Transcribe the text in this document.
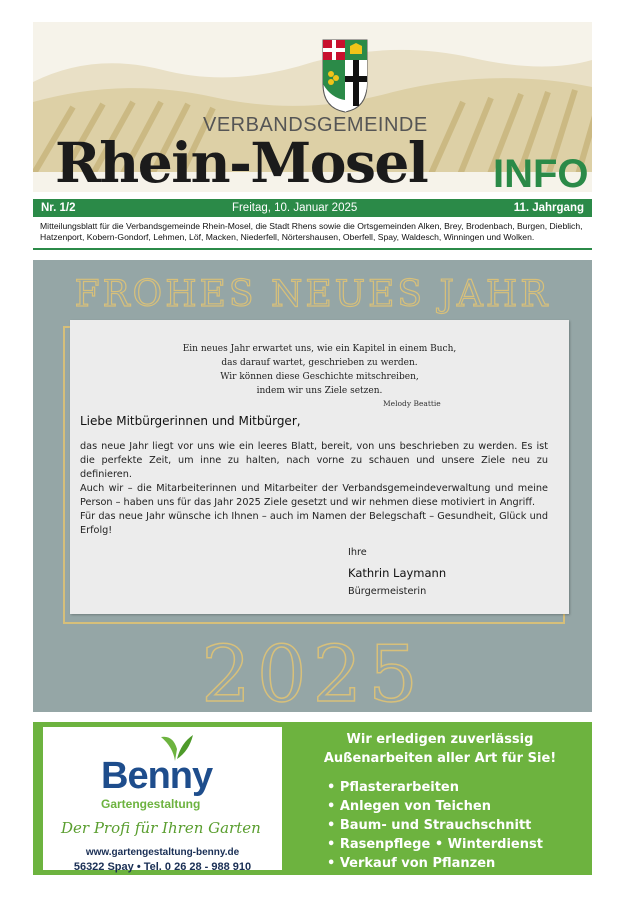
VERBANDSGEMEINDE
Rhein-Mosel INFO
Nr. 1/2	Freitag, 10. Januar 2025	11. Jahrgang
Mitteilungsblatt für die Verbandsgemeinde Rhein-Mosel, die Stadt Rhens sowie die Ortsgemeinden Alken, Brey, Brodenbach, Burgen, Dieblich, Hatzenport, Kobern-Gondorf, Lehmen, Löf, Macken, Niederfell, Nörtershausen, Oberfell, Spay, Waldesch, Winningen und Wolken.
FROHES NEUES JAHR
Ein neues Jahr erwartet uns, wie ein Kapitel in einem Buch,
das darauf wartet, geschrieben zu werden.
Wir können diese Geschichte mitschreiben,
indem wir uns Ziele setzen.
Melody Beattie
Liebe Mitbürgerinnen und Mitbürger,

das neue Jahr liegt vor uns wie ein leeres Blatt, bereit, von uns beschrieben zu werden. Es ist die perfekte Zeit, um inne zu halten, nach vorne zu schauen und unsere Ziele neu zu definieren.

Auch wir – die Mitarbeiterinnen und Mitarbeiter der Verbandsgemeindeverwaltung und meine Person – haben uns für das Jahr 2025 Ziele gesetzt und wir nehmen diese motiviert in Angriff.

Für das neue Jahr wünsche ich Ihnen – auch im Namen der Belegschaft – Gesundheit, Glück und Erfolg!

Ihre
Kathrin Laymann
Bürgermeisterin
2025
Benny
Gartengestaltung
Der Profi für Ihren Garten
www.gartengestaltung-benny.de
56322 Spay • Tel. 0 26 28 - 988 910
Wir erledigen zuverlässig
Außenarbeiten aller Art für Sie!
• Pflasterarbeiten
• Anlegen von Teichen
• Baum- und Strauchschnitt
• Rasenpflege • Winterdienst
• Verkauf von Pflanzen
